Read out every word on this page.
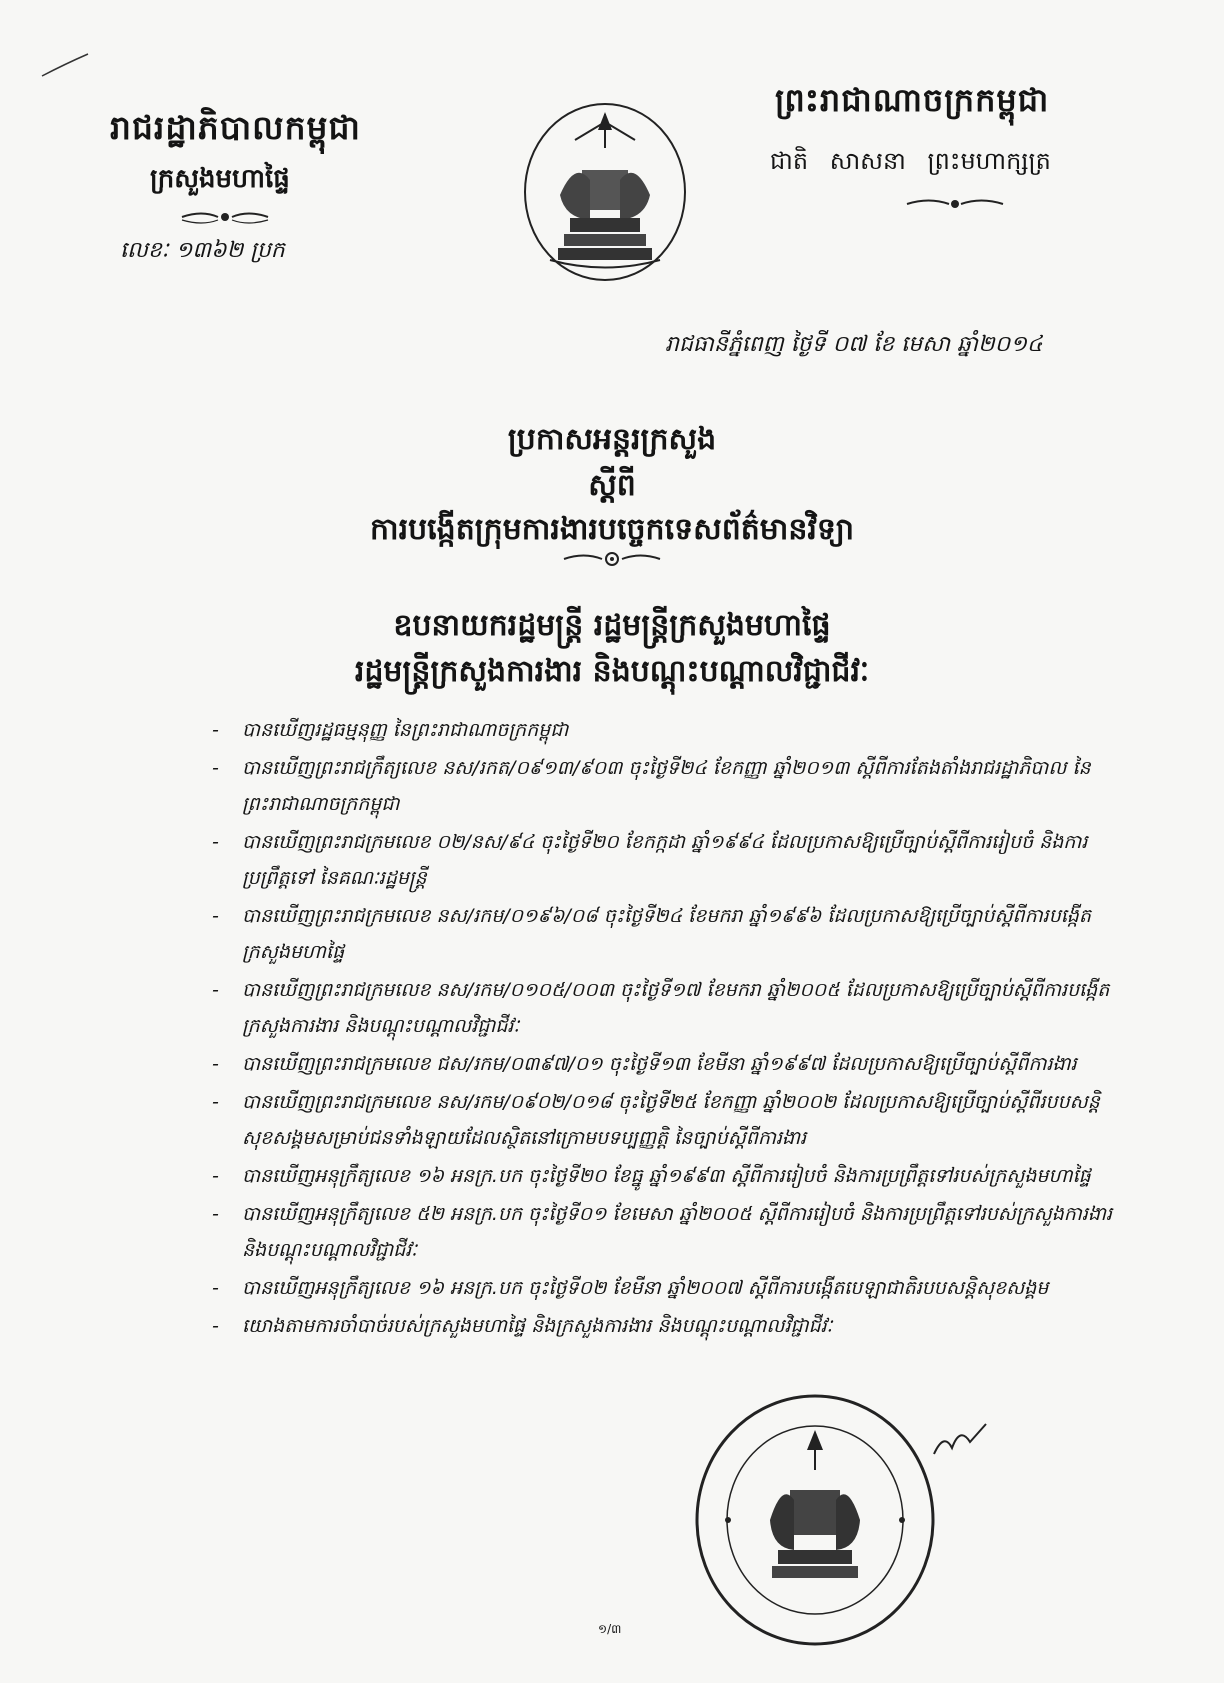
រាជរដ្ឋាភិបាលកម្ពុជា
ក្រសួងមហាផ្ទៃ
លេខៈ ១៣៦២ ប្រក
ព្រះរាជាណាចក្រកម្ពុជា
ជាតិ សាសនា ព្រះមហាក្សត្រ
រាជធានីភ្នំពេញ ថ្ងៃទី ០៧ ខែ មេសា ឆ្នាំ២០១៤
ប្រកាសអន្តរក្រសួង
ស្តីពី
ការបង្កើតក្រុមការងារបច្ចេកទេសព័ត៌មានវិទ្យា
ឧបនាយករដ្ឋមន្ត្រី រដ្ឋមន្ត្រីក្រសួងមហាផ្ទៃ
រដ្ឋមន្ត្រីក្រសួងការងារ និងបណ្តុះបណ្តាលវិជ្ជាជីវៈ
- បានឃើញរដ្ឋធម្មនុញ្ញ នៃព្រះរាជាណាចក្រកម្ពុជា
- បានឃើញព្រះរាជក្រឹត្យលេខ នស/រកត/០៩១៣/៩០៣ ចុះថ្ងៃទី២៤ ខែកញ្ញា ឆ្នាំ២០១៣ ស្តីពីការតែងតាំងរាជរដ្ឋាភិបាល នៃព្រះរាជាណាចក្រកម្ពុជា
- បានឃើញព្រះរាជក្រមលេខ ០២/នស/៩៤ ចុះថ្ងៃទី២០ ខែកក្កដា ឆ្នាំ១៩៩៤ ដែលប្រកាសឱ្យប្រើច្បាប់ស្តីពីការរៀបចំ និងការប្រព្រឹត្តទៅ នៃគណៈរដ្ឋមន្ត្រី
- បានឃើញព្រះរាជក្រមលេខ នស/រកម/០១៩៦/០៨ ចុះថ្ងៃទី២៤ ខែមករា ឆ្នាំ១៩៩៦ ដែលប្រកាសឱ្យប្រើច្បាប់ស្តីពីការបង្កើតក្រសួងមហាផ្ទៃ
- បានឃើញព្រះរាជក្រមលេខ នស/រកម/០១០៥/០០៣ ចុះថ្ងៃទី១៧ ខែមករា ឆ្នាំ២០០៥ ដែលប្រកាសឱ្យប្រើច្បាប់ស្តីពីការបង្កើតក្រសួងការងារ និងបណ្តុះបណ្តាលវិជ្ជាជីវៈ
- បានឃើញព្រះរាជក្រមលេខ ជស/រកម/០៣៩៧/០១ ចុះថ្ងៃទី១៣ ខែមីនា ឆ្នាំ១៩៩៧ ដែលប្រកាសឱ្យប្រើច្បាប់ស្តីពីការងារ
- បានឃើញព្រះរាជក្រមលេខ នស/រកម/០៩០២/០១៨ ចុះថ្ងៃទី២៥ ខែកញ្ញា ឆ្នាំ២០០២ ដែលប្រកាសឱ្យប្រើច្បាប់ស្តីពីរបបសន្តិសុខសង្គមសម្រាប់ជនទាំងឡាយដែលស្ថិតនៅក្រោមបទប្បញ្ញត្តិ នៃច្បាប់ស្តីពីការងារ
- បានឃើញអនុក្រឹត្យលេខ ១៦ អនក្រ.បក ចុះថ្ងៃទី២០ ខែធ្នូ ឆ្នាំ១៩៩៣ ស្តីពីការរៀបចំ និងការប្រព្រឹត្តទៅរបស់ក្រសួងមហាផ្ទៃ
- បានឃើញអនុក្រឹត្យលេខ ៥២ អនក្រ.បក ចុះថ្ងៃទី០១ ខែមេសា ឆ្នាំ២០០៥ ស្តីពីការរៀបចំ និងការប្រព្រឹត្តទៅរបស់ក្រសួងការងារ និងបណ្តុះបណ្តាលវិជ្ជាជីវៈ
- បានឃើញអនុក្រឹត្យលេខ ១៦ អនក្រ.បក ចុះថ្ងៃទី០២ ខែមីនា ឆ្នាំ២០០៧ ស្តីពីការបង្កើតបេឡាជាតិរបបសន្តិសុខសង្គម
- យោងតាមការចាំបាច់របស់ក្រសួងមហាផ្ទៃ និងក្រសួងការងារ និងបណ្តុះបណ្តាលវិជ្ជាជីវៈ
១/៣
